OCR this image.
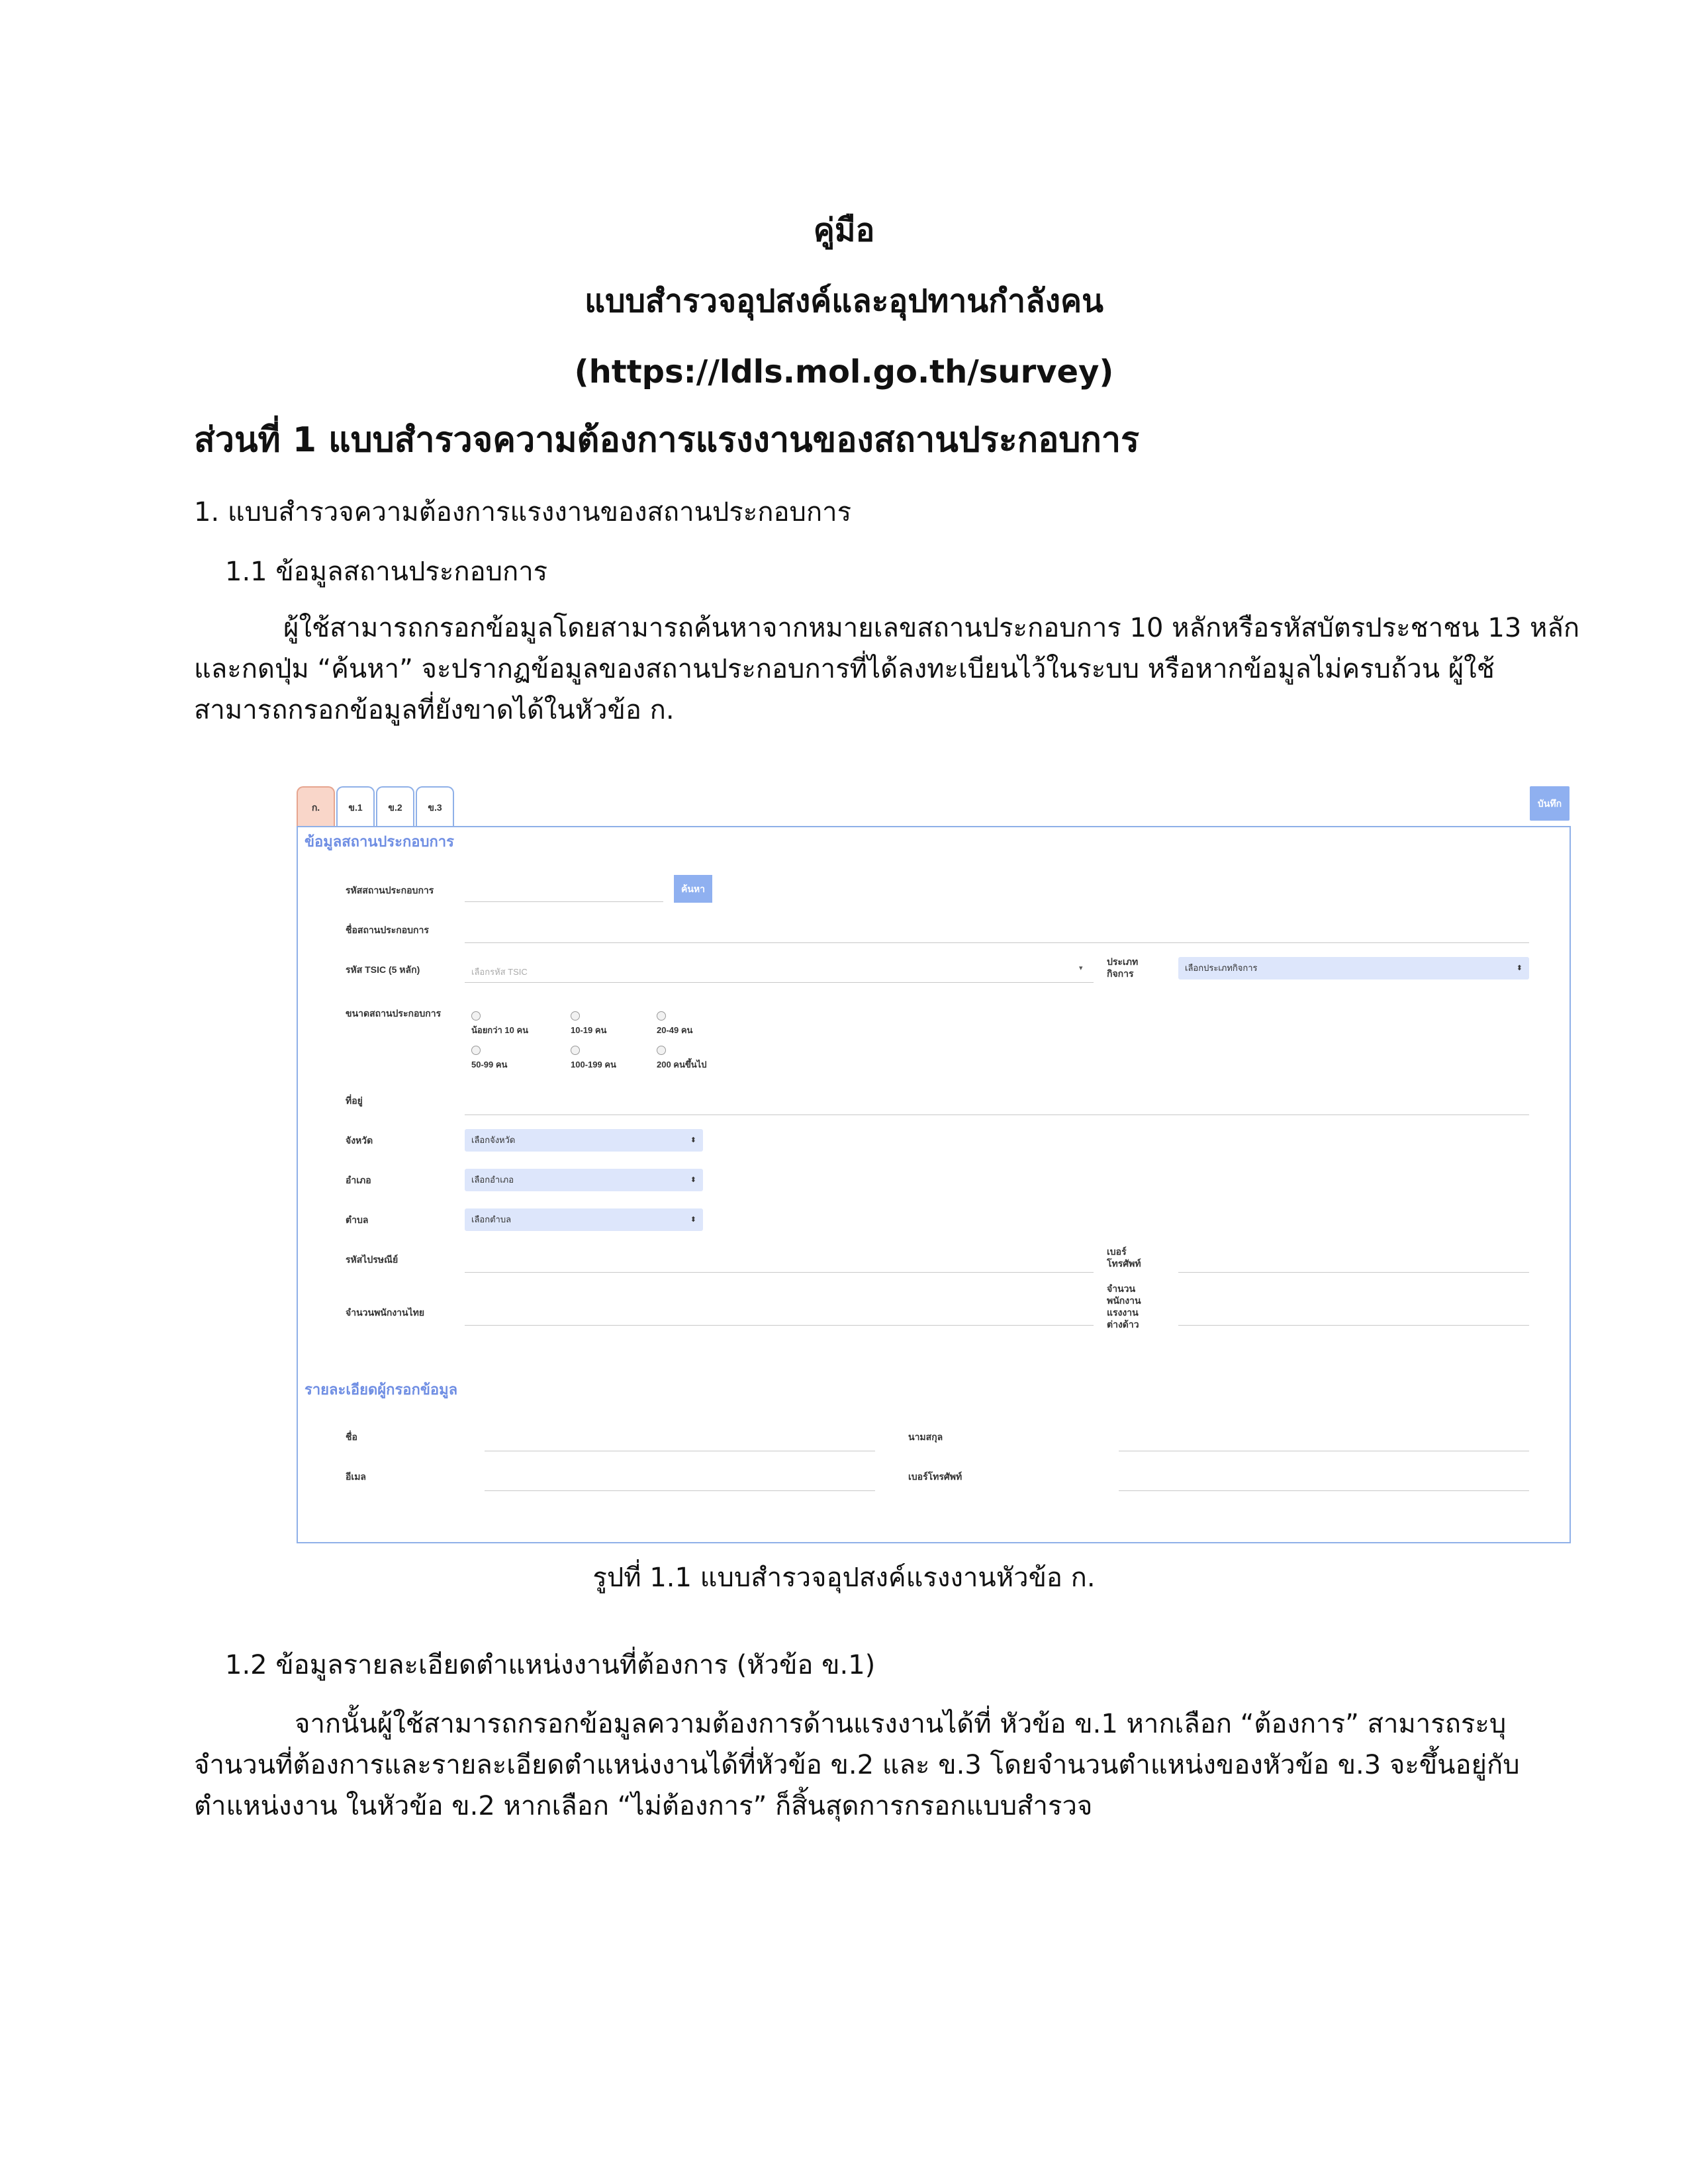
คู่มือ
แบบสำรวจอุปสงค์และอุปทานกำลังคน
(https://ldls.mol.go.th/survey)
ส่วนที่ 1 แบบสำรวจความต้องการแรงงานของสถานประกอบการ
1. แบบสำรวจความต้องการแรงงานของสถานประกอบการ
1.1 ข้อมูลสถานประกอบการ
ผู้ใช้สามารถกรอกข้อมูลโดยสามารถค้นหาจากหมายเลขสถานประกอบการ 10 หลักหรือรหัสบัตรประชาชน 13 หลัก
และกดปุ่ม “ค้นหา” จะปรากฏข้อมูลของสถานประกอบการที่ได้ลงทะเบียนไว้ในระบบ หรือหากข้อมูลไม่ครบถ้วน ผู้ใช้
สามารถกรอกข้อมูลที่ยังขาดได้ในหัวข้อ ก.
ก.	ข.1	ข.2	ข.3	บันทึก
ข้อมูลสถานประกอบการ
รหัสสถานประกอบการ	ค้นหา
ชื่อสถานประกอบการ
รหัส TSIC (5 หลัก)	เลือกรหัส TSIC	▾
ประเภท
กิจการ
เลือกประเภทกิจการ	⬍
ขนาดสถานประกอบการ
น้อยกว่า 10 คน	10-19 คน	20-49 คน
50-99 คน	100-199 คน	200 คนขึ้นไป
ที่อยู่
จังหวัด	เลือกจังหวัด	⬍
อำเภอ	เลือกอำเภอ	⬍
ตำบล	เลือกตำบล	⬍
รหัสไปรษณีย์
เบอร์
โทรศัพท์
จำนวนพนักงานไทย
จำนวน
พนักงาน
แรงงาน
ต่างด้าว
รายละเอียดผู้กรอกข้อมูล
ชื่อ	นามสกุล
อีเมล	เบอร์โทรศัพท์
รูปที่ 1.1 แบบสำรวจอุปสงค์แรงงานหัวข้อ ก.
1.2 ข้อมูลรายละเอียดตำแหน่งงานที่ต้องการ (หัวข้อ ข.1)
จากนั้นผู้ใช้สามารถกรอกข้อมูลความต้องการด้านแรงงานได้ที่ หัวข้อ ข.1 หากเลือก “ต้องการ” สามารถระบุ
จำนวนที่ต้องการและรายละเอียดตำแหน่งงานได้ที่หัวข้อ ข.2 และ ข.3 โดยจำนวนตำแหน่งของหัวข้อ ข.3 จะขึ้นอยู่กับ
ตำแหน่งงาน ในหัวข้อ ข.2 หากเลือก “ไม่ต้องการ” ก็สิ้นสุดการกรอกแบบสำรวจ
